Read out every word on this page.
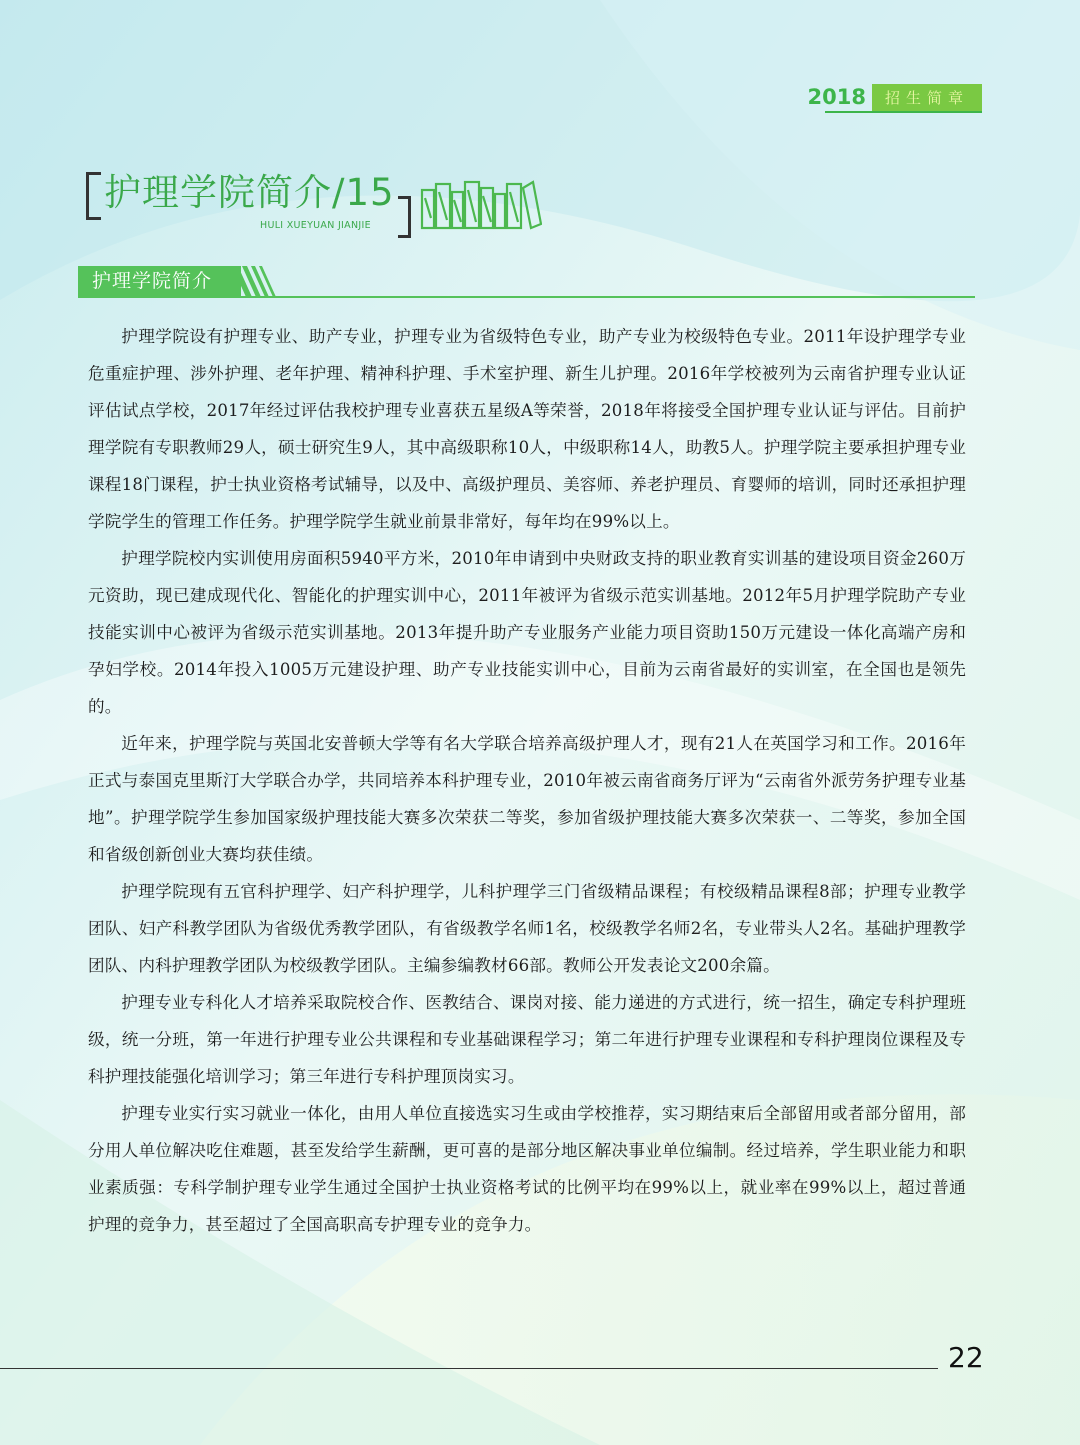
2018 招生简章
护理学院简介/15
HULI XUEYUAN JIANJIE
护理学院简介

护理学院设有护理专业、助产专业，护理专业为省级特色专业，助产专业为校级特色专业。2011年设护理学专业危重症护理、涉外护理、老年护理、精神科护理、手术室护理、新生儿护理。2016年学校被列为云南省护理专业认证评估试点学校，2017年经过评估我校护理专业喜获五星级A等荣誉，2018年将接受全国护理专业认证与评估。目前护理学院有专职教师29人，硕士研究生9人，其中高级职称10人，中级职称14人，助教5人。护理学院主要承担护理专业课程18门课程，护士执业资格考试辅导，以及中、高级护理员、美容师、养老护理员、育婴师的培训，同时还承担护理学院学生的管理工作任务。护理学院学生就业前景非常好，每年均在99%以上。

护理学院校内实训使用房面积5940平方米，2010年申请到中央财政支持的职业教育实训基的建设项目资金260万元资助，现已建成现代化、智能化的护理实训中心，2011年被评为省级示范实训基地。2012年5月护理学院助产专业技能实训中心被评为省级示范实训基地。2013年提升助产专业服务产业能力项目资助150万元建设一体化高端产房和孕妇学校。2014年投入1005万元建设护理、助产专业技能实训中心，目前为云南省最好的实训室，在全国也是领先的。

近年来，护理学院与英国北安普顿大学等有名大学联合培养高级护理人才，现有21人在英国学习和工作。2016年正式与泰国克里斯汀大学联合办学，共同培养本科护理专业，2010年被云南省商务厅评为“云南省外派劳务护理专业基地”。护理学院学生参加国家级护理技能大赛多次荣获二等奖，参加省级护理技能大赛多次荣获一、二等奖，参加全国和省级创新创业大赛均获佳绩。

护理学院现有五官科护理学、妇产科护理学，儿科护理学三门省级精品课程；有校级精品课程8部；护理专业教学团队、妇产科教学团队为省级优秀教学团队，有省级教学名师1名，校级教学名师2名，专业带头人2名。基础护理教学团队、内科护理教学团队为校级教学团队。主编参编教材66部。教师公开发表论文200余篇。

护理专业专科化人才培养采取院校合作、医教结合、课岗对接、能力递进的方式进行，统一招生，确定专科护理班级，统一分班，第一年进行护理专业公共课程和专业基础课程学习；第二年进行护理专业课程和专科护理岗位课程及专科护理技能强化培训学习；第三年进行专科护理顶岗实习。

护理专业实行实习就业一体化，由用人单位直接选实习生或由学校推荐，实习期结束后全部留用或者部分留用，部分用人单位解决吃住难题，甚至发给学生薪酬，更可喜的是部分地区解决事业单位编制。经过培养，学生职业能力和职业素质强：专科学制护理专业学生通过全国护士执业资格考试的比例平均在99%以上，就业率在99%以上，超过普通护理的竞争力，甚至超过了全国高职高专护理专业的竞争力。

22
